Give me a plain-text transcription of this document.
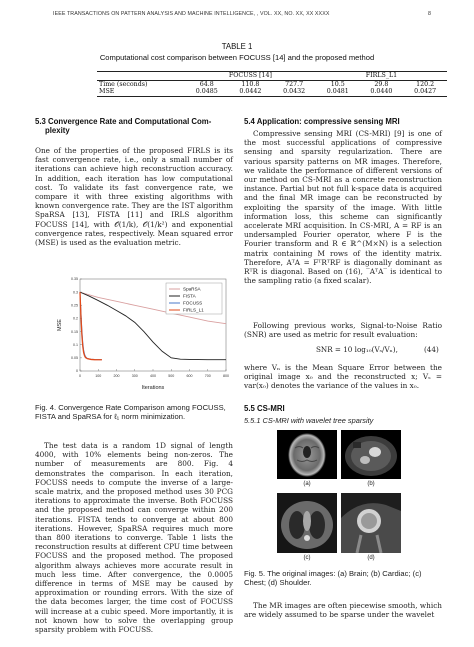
IEEE TRANSACTIONS ON PATTERN ANALYSIS AND MACHINE INTELLIGENCE, , VOL. XX, NO. XX, XX XXXX	8
TABLE 1
Computational cost comparison between FOCUSS [14] and the proposed method
	FOCUSS [14]			FIRLS_L1		
Time (seconds)	64.8	110.8	727.7	10.5	29.8	120.2
MSE	0.0485	0.0442	0.0432	0.0481	0.0440	0.0427
5.3 Convergence Rate and Computational Com-
plexity

One of the properties of the proposed FIRLS is its fast convergence rate, i.e., only a small number of iterations can achieve high reconstruction accuracy. In addition, each iteration has low computational cost. To validate its fast convergence rate, we compare it with three existing algorithms with known convergence rate. They are the IST algorithm SpaRSA [13], FISTA [11] and IRLS algorithm FOCUSS [14], with 𝒪(1/k), 𝒪(1/k²) and exponential convergence rates, respectively. Mean squared error (MSE) is used as the evaluation metric.

0	100	200	300	400	500	600	700	800
0
0.05
0.1
0.15
0.2
0.25
0.3
0.35
SpaRSA
FISTA
FOCUSS
FIRLS_L1
Iterations
MSE
Fig. 4. Convergence Rate Comparison among FOCUSS, FISTA and SpaRSA for ℓ₁ norm minimization.

The test data is a random 1D signal of length 4000, with 10% elements being non-zeros. The number of measurements are 800. Fig. 4 demonstrates the comparison. In each iteration, FOCUSS needs to compute the inverse of a large-scale matrix, and the proposed method uses 30 PCG iterations to approximate the inverse. Both FOCUSS and the proposed method can converge within 200 iterations. FISTA tends to converge at about 800 iterations. However, SpaRSA requires much more than 800 iterations to converge. Table 1 lists the reconstruction results at different CPU time between FOCUSS and the proposed method. The proposed algorithm always achieves more accurate result in much less time. After convergence, the 0.0005 difference in terms of MSE may be caused by approximation or rounding errors. With the size of the data becomes larger, the time cost of FOCUSS will increase at a cubic speed. More importantly, it is not known how to solve the overlapping group sparsity problem with FOCUSS.

5.4 Application: compressive sensing MRI

Compressive sensing MRI (CS-MRI) [9] is one of the most successful applications of compressive sensing and sparsity regularization. There are various sparsity patterns on MR images. Therefore, we validate the performance of different versions of our method on CS-MRI as a concrete reconstruction instance. Partial but not full k-space data is acquired and the final MR image can be reconstructed by exploiting the sparsity of the image. With little information loss, this scheme can significantly accelerate MRI acquisition. In CS-MRI, A = RF is an undersampled Fourier operator, where F is the Fourier transform and R ∈ ℝ^(M×N) is a selection matrix containing M rows of the identity matrix. Therefore, AᵀA = FᵀRᵀRF is diagonally dominant as RᵀR is diagonal. Based on (16), ‾AᵀA‾ is identical to the sampling ratio (a fixed scalar).

Following previous works, Signal-to-Noise Ratio (SNR) are used as metric for result evaluation:

SNR = 10 log₁₀(Vₛ/Vₙ),	(44)

where Vₙ is the Mean Square Error between the original image x₀ and the reconstructed x; Vₛ = var(x₀) denotes the variance of the values in x₀.

5.5 CS-MRI
5.5.1 CS-MRI with wavelet tree sparsity
(a)	(b)
(c)	(d)
Fig. 5. The original images: (a) Brain; (b) Cardiac; (c) Chest; (d) Shoulder.

The MR images are often piecewise smooth, which are widely assumed to be sparse under the wavelet
